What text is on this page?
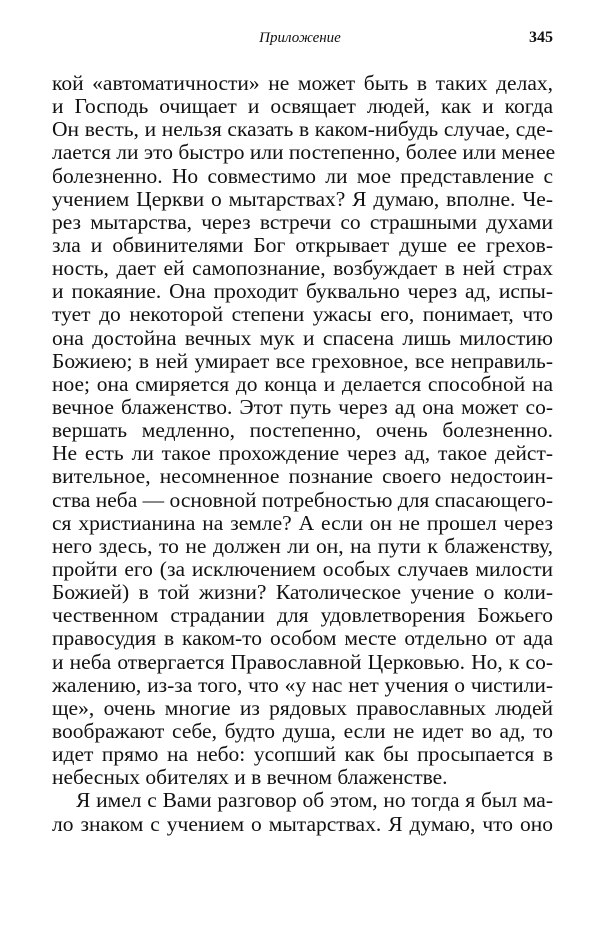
Приложение	345
кой «автоматичности» не может быть в таких делах,
и Господь очищает и освящает людей, как и когда
Он весть, и нельзя сказать в каком-нибудь случае, сде-
лается ли это быстро или постепенно, более или менее
болезненно. Но совместимо ли мое представление с
учением Церкви о мытарствах? Я думаю, вполне. Че-
рез мытарства, через встречи со страшными духами
зла и обвинителями Бог открывает душе ее грехов-
ность, дает ей самопознание, возбуждает в ней страх
и покаяние. Она проходит буквально через ад, испы-
тует до некоторой степени ужасы его, понимает, что
она достойна вечных мук и спасена лишь милостию
Божиею; в ней умирает все греховное, все неправиль-
ное; она смиряется до конца и делается способной на
вечное блаженство. Этот путь через ад она может со-
вершать медленно, постепенно, очень болезненно.
Не есть ли такое прохождение через ад, такое дейст-
вительное, несомненное познание своего недостоин-
ства неба — основной потребностью для спасающего-
ся христианина на земле? А если он не прошел через
него здесь, то не должен ли он, на пути к блаженству,
пройти его (за исключением особых случаев милости
Божией) в той жизни? Католическое учение о коли-
чественном страдании для удовлетворения Божьего
правосудия в каком-то особом месте отдельно от ада
и неба отвергается Православной Церковью. Но, к со-
жалению, из-за того, что «у нас нет учения о чистили-
ще», очень многие из рядовых православных людей
воображают себе, будто душа, если не идет во ад, то
идет прямо на небо: усопший как бы просыпается в
небесных обителях и в вечном блаженстве.
Я имел с Вами разговор об этом, но тогда я был ма-
ло знаком с учением о мытарствах. Я думаю, что оно
